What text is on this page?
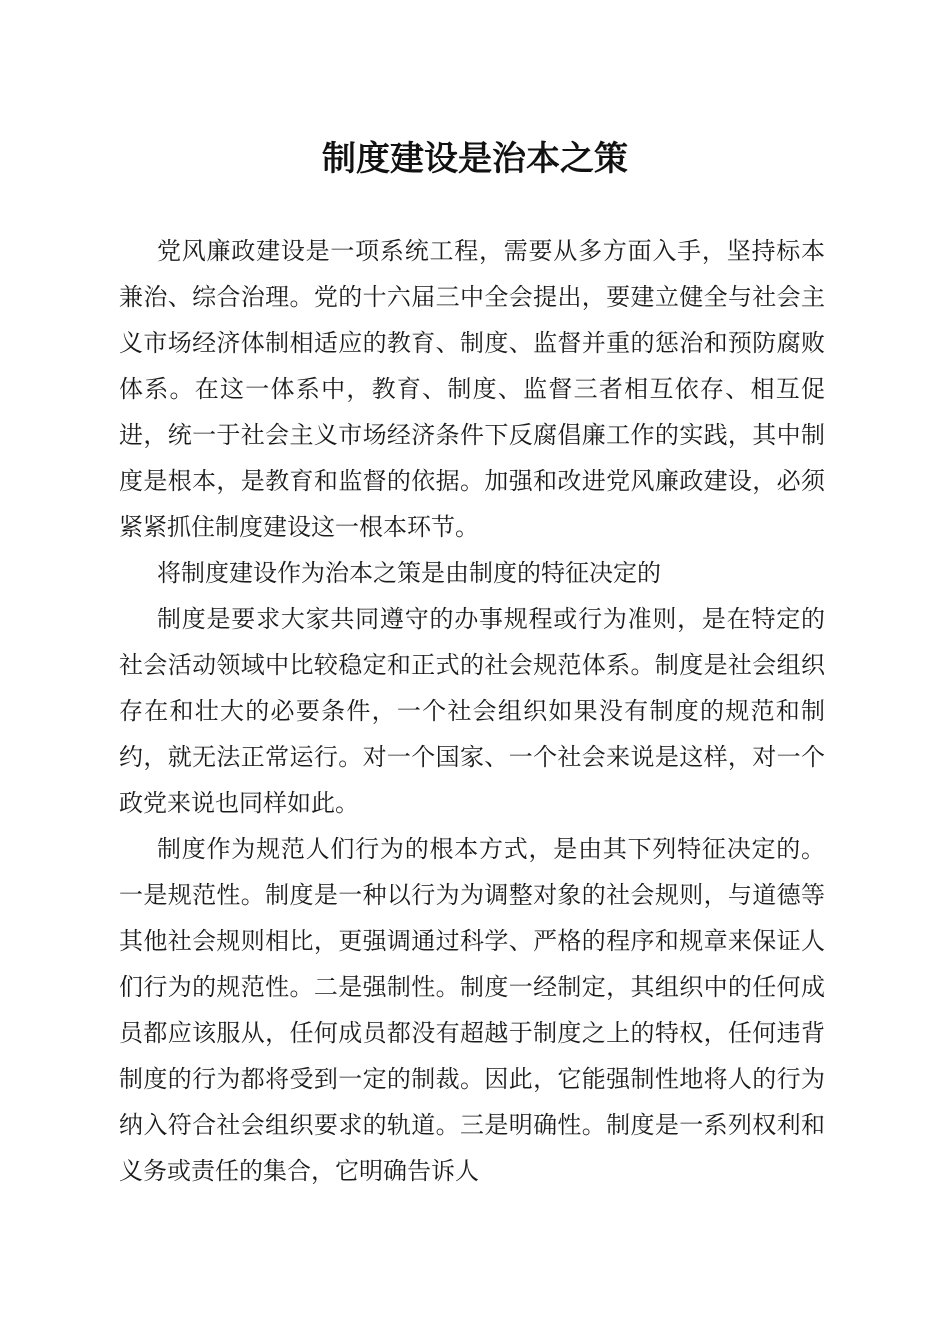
制度建设是治本之策

党风廉政建设是一项系统工程，需要从多方面入手，坚持标本兼治、综合治理。党的十六届三中全会提出，要建立健全与社会主义市场经济体制相适应的教育、制度、监督并重的惩治和预防腐败体系。在这一体系中，教育、制度、监督三者相互依存、相互促进，统一于社会主义市场经济条件下反腐倡廉工作的实践，其中制度是根本，是教育和监督的依据。加强和改进党风廉政建设，必须紧紧抓住制度建设这一根本环节。

将制度建设作为治本之策是由制度的特征决定的

制度是要求大家共同遵守的办事规程或行为准则，是在特定的社会活动领域中比较稳定和正式的社会规范体系。制度是社会组织存在和壮大的必要条件，一个社会组织如果没有制度的规范和制约，就无法正常运行。对一个国家、一个社会来说是这样，对一个政党来说也同样如此。

制度作为规范人们行为的根本方式，是由其下列特征决定的。一是规范性。制度是一种以行为为调整对象的社会规则，与道德等其他社会规则相比，更强调通过科学、严格的程序和规章来保证人们行为的规范性。二是强制性。制度一经制定，其组织中的任何成员都应该服从，任何成员都没有超越于制度之上的特权，任何违背制度的行为都将受到一定的制裁。因此，它能强制性地将人的行为纳入符合社会组织要求的轨道。三是明确性。制度是一系列权利和义务或责任的集合，它明确告诉人
